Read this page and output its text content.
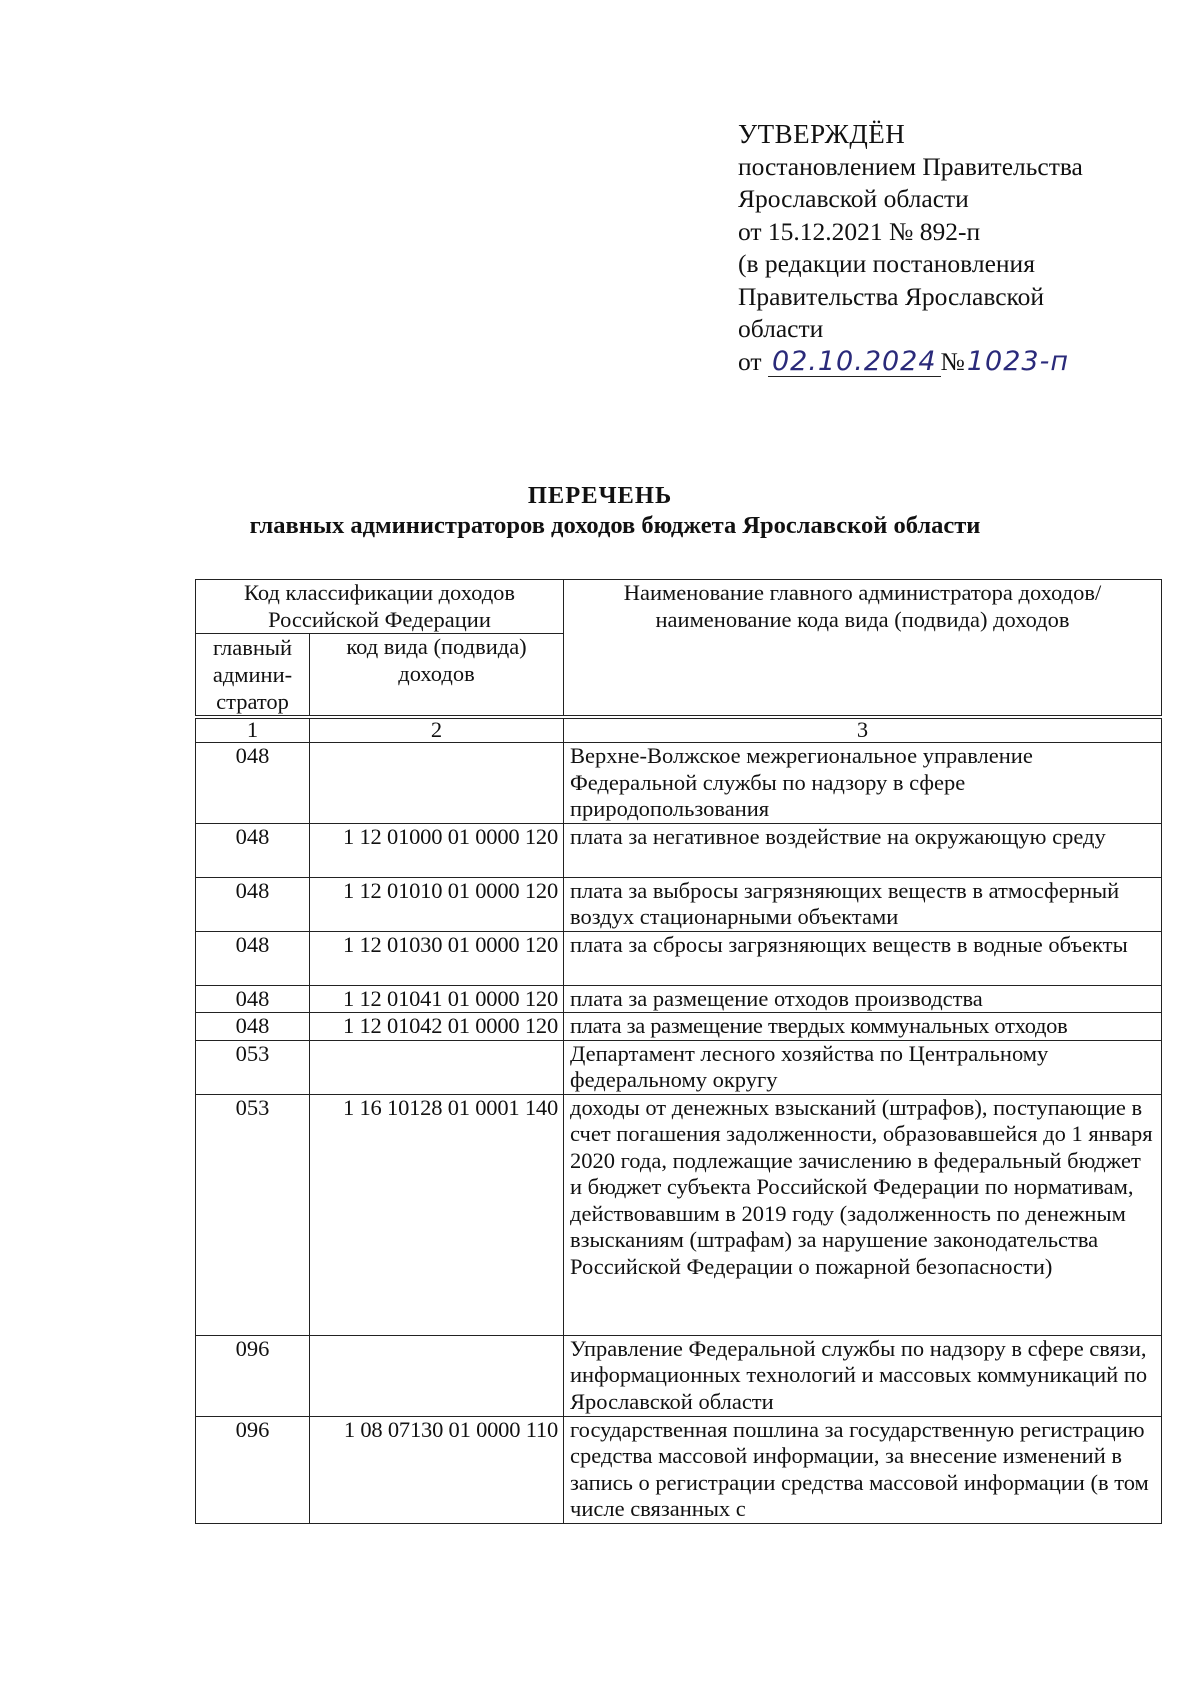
УТВЕРЖДЁН
постановлением Правительства
Ярославской области
от 15.12.2021 № 892-п
(в редакции постановления
Правительства Ярославской
области
от 02.10.2024 №1023-п
ПЕРЕЧЕНЬ
главных администраторов доходов бюджета Ярославской области
Код классификации доходов Российской Федерации		Наименование главного администратора доходов/наименование кода вида (подвида) доходов
главный админи-стратор	код вида (подвида) доходов	
1	2	3
048		Верхне-Волжское межрегиональное управление Федеральной службы по надзору в сфере природопользования
048	1 12 01000 01 0000 120	плата за негативное воздействие на окружающую среду
048	1 12 01010 01 0000 120	плата за выбросы загрязняющих веществ в атмосферный воздух стационарными объектами
048	1 12 01030 01 0000 120	плата за сбросы загрязняющих веществ в водные объекты
048	1 12 01041 01 0000 120	плата за размещение отходов производства
048	1 12 01042 01 0000 120	плата за размещение твердых коммунальных отходов
053		Департамент лесного хозяйства по Центральному федеральному округу
053	1 16 10128 01 0001 140	доходы от денежных взысканий (штрафов), поступающие в счет погашения задолженности, образовавшейся до 1 января 2020 года, подлежащие зачислению в федеральный бюджет и бюджет субъекта Российской Федерации по нормативам, действовавшим в 2019 году (задолженность по денежным взысканиям (штрафам) за нарушение законодательства Российской Федерации о пожарной безопасности)
096		Управление Федеральной службы по надзору в сфере связи, информационных технологий и массовых коммуникаций по Ярославской области
096	1 08 07130 01 0000 110	государственная пошлина за государственную регистрацию средства массовой информации, за внесение изменений в запись о регистрации средства массовой информации (в том числе связанных с
